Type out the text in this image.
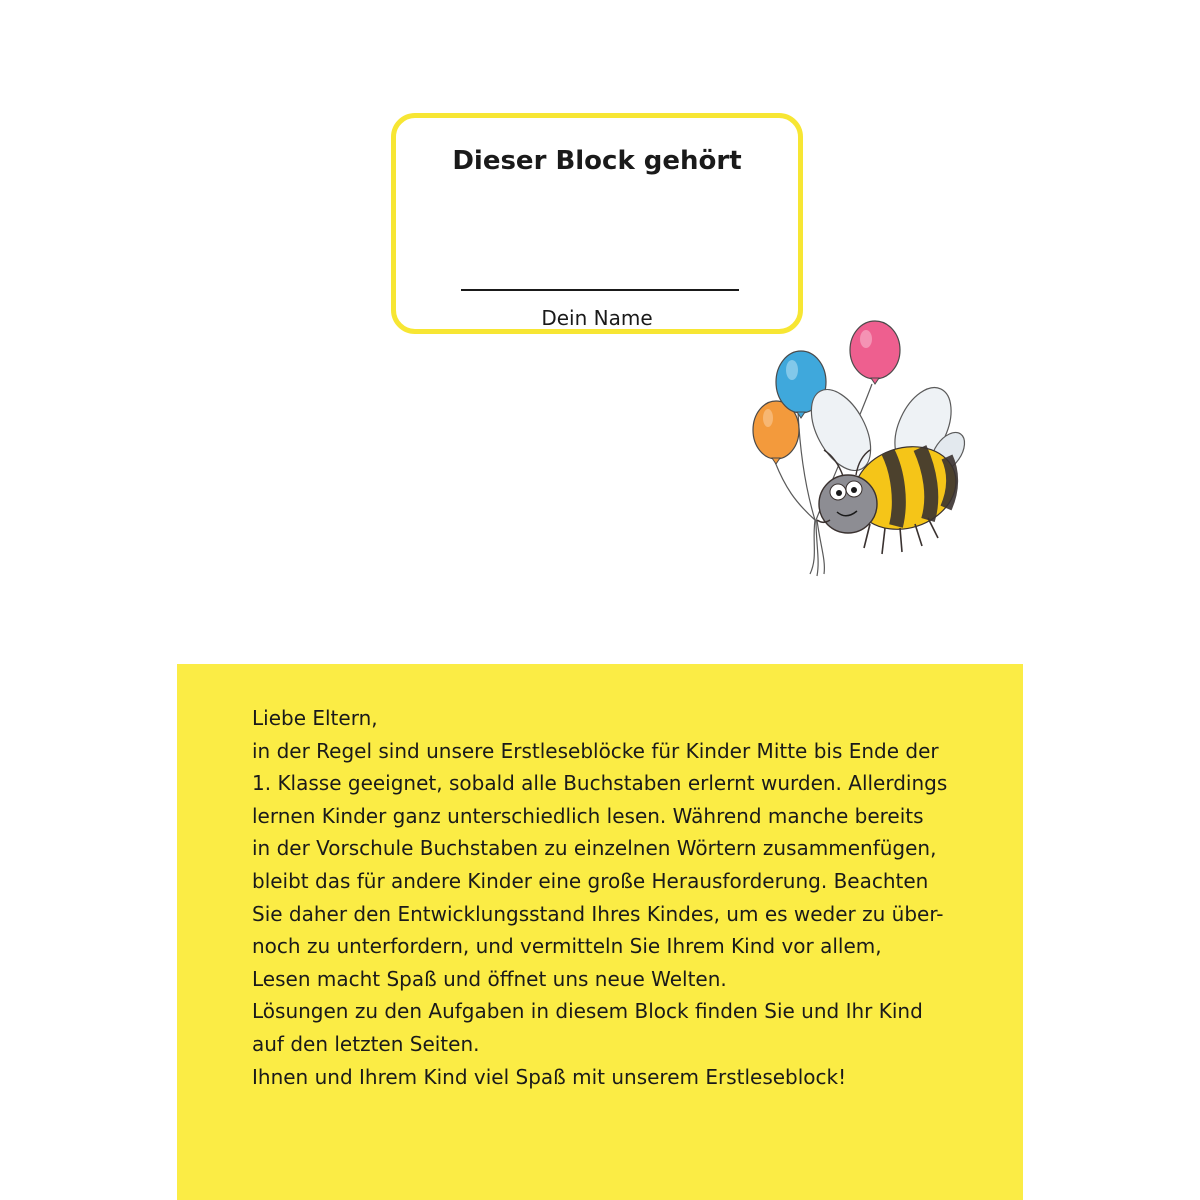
Dieser Block gehört
Dein Name
Liebe Eltern,
in der Regel sind unsere Erstleseblöcke für Kinder Mitte bis Ende der
1. Klasse geeignet, sobald alle Buchstaben erlernt wurden. Allerdings
lernen Kinder ganz unterschiedlich lesen. Während manche bereits
in der Vorschule Buchstaben zu einzelnen Wörtern zusammenfügen,
bleibt das für andere Kinder eine große Herausforderung. Beachten
Sie daher den Entwicklungsstand Ihres Kindes, um es weder zu über-
noch zu unterfordern, und vermitteln Sie Ihrem Kind vor allem,
Lesen macht Spaß und öffnet uns neue Welten.
Lösungen zu den Aufgaben in diesem Block finden Sie und Ihr Kind
auf den letzten Seiten.
Ihnen und Ihrem Kind viel Spaß mit unserem Erstleseblock!
